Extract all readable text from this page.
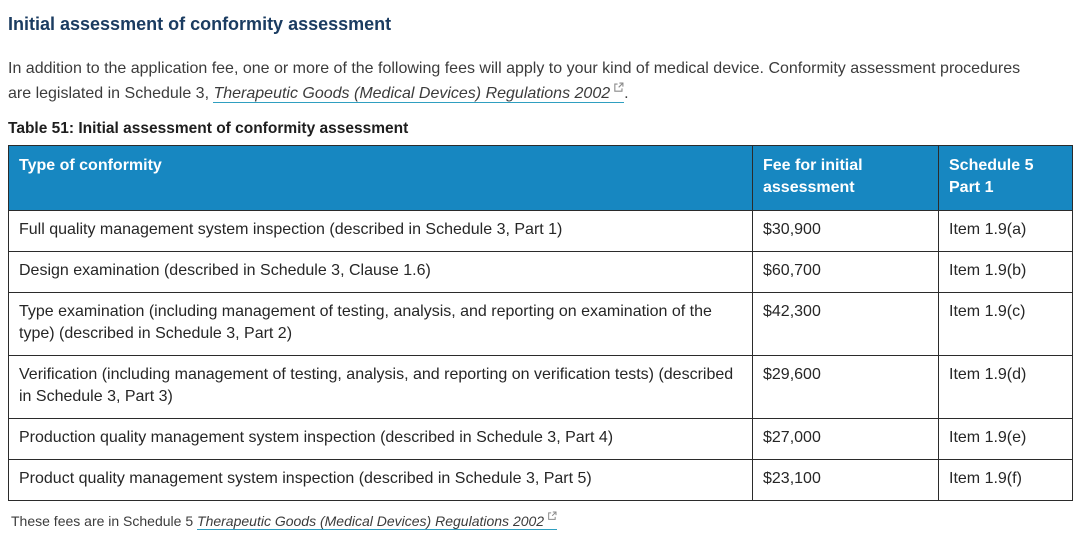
Initial assessment of conformity assessment

In addition to the application fee, one or more of the following fees will apply to your kind of medical device. Conformity assessment procedures are legislated in Schedule 3, Therapeutic Goods (Medical Devices) Regulations 2002 .

Table 51: Initial assessment of conformity assessment

Type of conformity	Fee for initial assessment	Schedule 5 Part 1
Full quality management system inspection (described in Schedule 3, Part 1)	$30,900	Item 1.9(a)
Design examination (described in Schedule 3, Clause 1.6)	$60,700	Item 1.9(b)
Type examination (including management of testing, analysis, and reporting on examination of the type) (described in Schedule 3, Part 2)	$42,300	Item 1.9(c)
Verification (including management of testing, analysis, and reporting on verification tests) (described in Schedule 3, Part 3)	$29,600	Item 1.9(d)
Production quality management system inspection (described in Schedule 3, Part 4)	$27,000	Item 1.9(e)
Product quality management system inspection (described in Schedule 3, Part 5)	$23,100	Item 1.9(f)

These fees are in Schedule 5 Therapeutic Goods (Medical Devices) Regulations 2002
